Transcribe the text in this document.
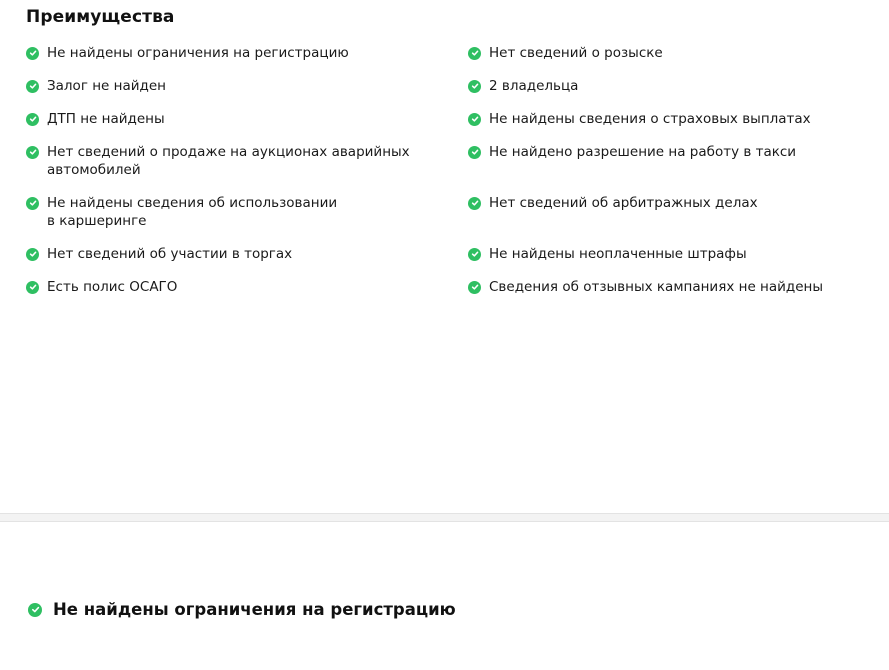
Преимущества
Не найдены ограничения на регистрацию
Залог не найден
ДТП не найдены
Нет сведений о продаже на аукционах аварийных
автомобилей
Не найдены сведения об использовании
в каршеринге
Нет сведений об участии в торгах
Есть полис ОСАГО
Нет сведений о розыске
2 владельца
Не найдены сведения о страховых выплатах
Не найдено разрешение на работу в такси
Нет сведений об арбитражных делах
Не найдены неоплаченные штрафы
Сведения об отзывных кампаниях не найдены
Не найдены ограничения на регистрацию
